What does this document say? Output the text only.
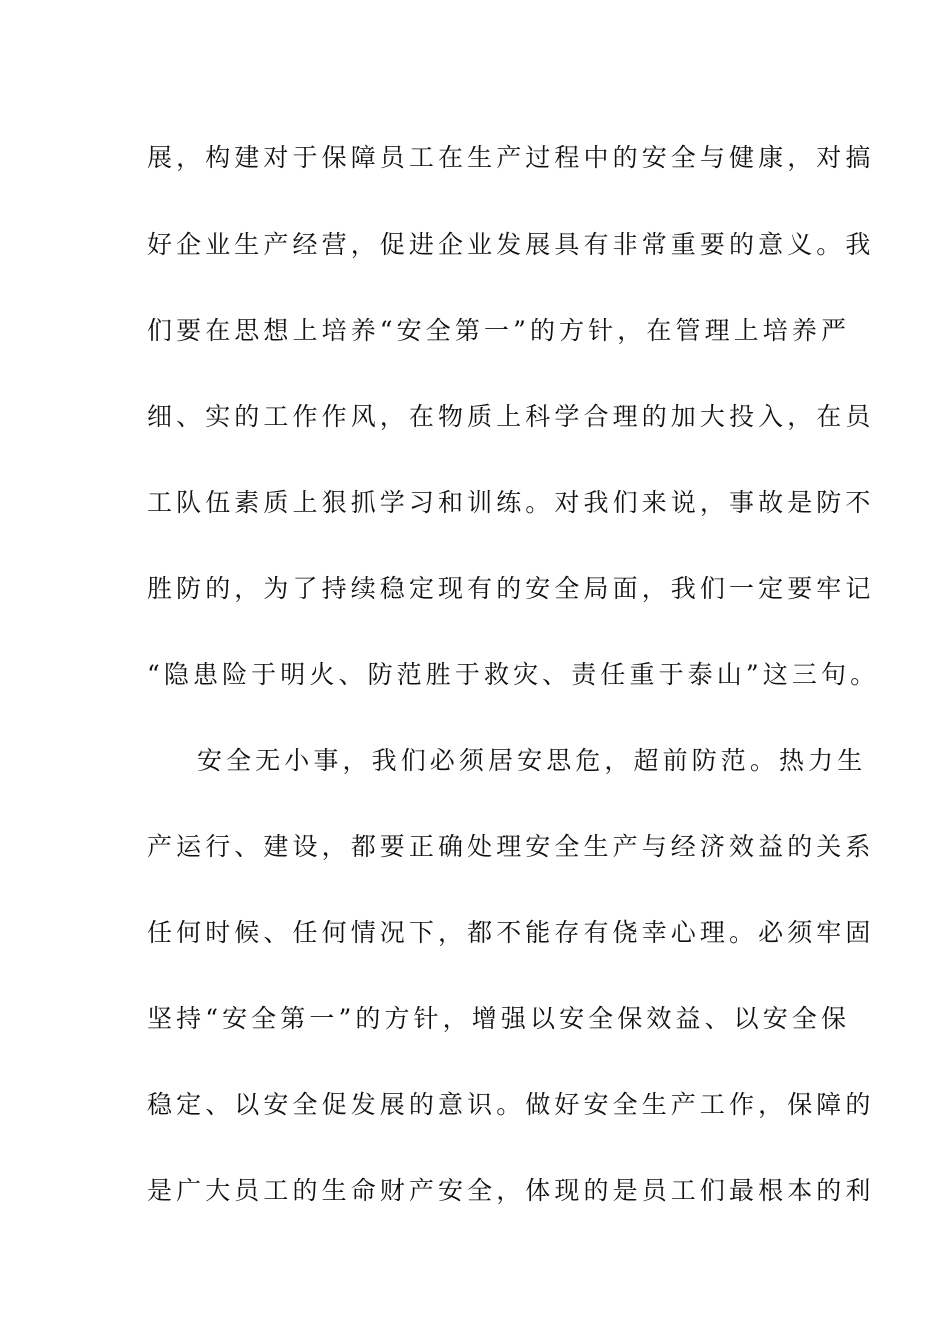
展，构建对于保障员工在生产过程中的安全与健康，对搞
好企业生产经营，促进企业发展具有非常重要的意义。我
们要在思想上培养“安全第一”的方针，在管理上培养严
细、实的工作作风，在物质上科学合理的加大投入，在员
工队伍素质上狠抓学习和训练。对我们来说，事故是防不
胜防的，为了持续稳定现有的安全局面，我们一定要牢记
“隐患险于明火、防范胜于救灾、责任重于泰山”这三句。
安全无小事，我们必须居安思危，超前防范。热力生
产运行、建设，都要正确处理安全生产与经济效益的关系
任何时候、任何情况下，都不能存有侥幸心理。必须牢固
坚持“安全第一”的方针，增强以安全保效益、以安全保
稳定、以安全促发展的意识。做好安全生产工作，保障的
是广大员工的生命财产安全，体现的是员工们最根本的利
